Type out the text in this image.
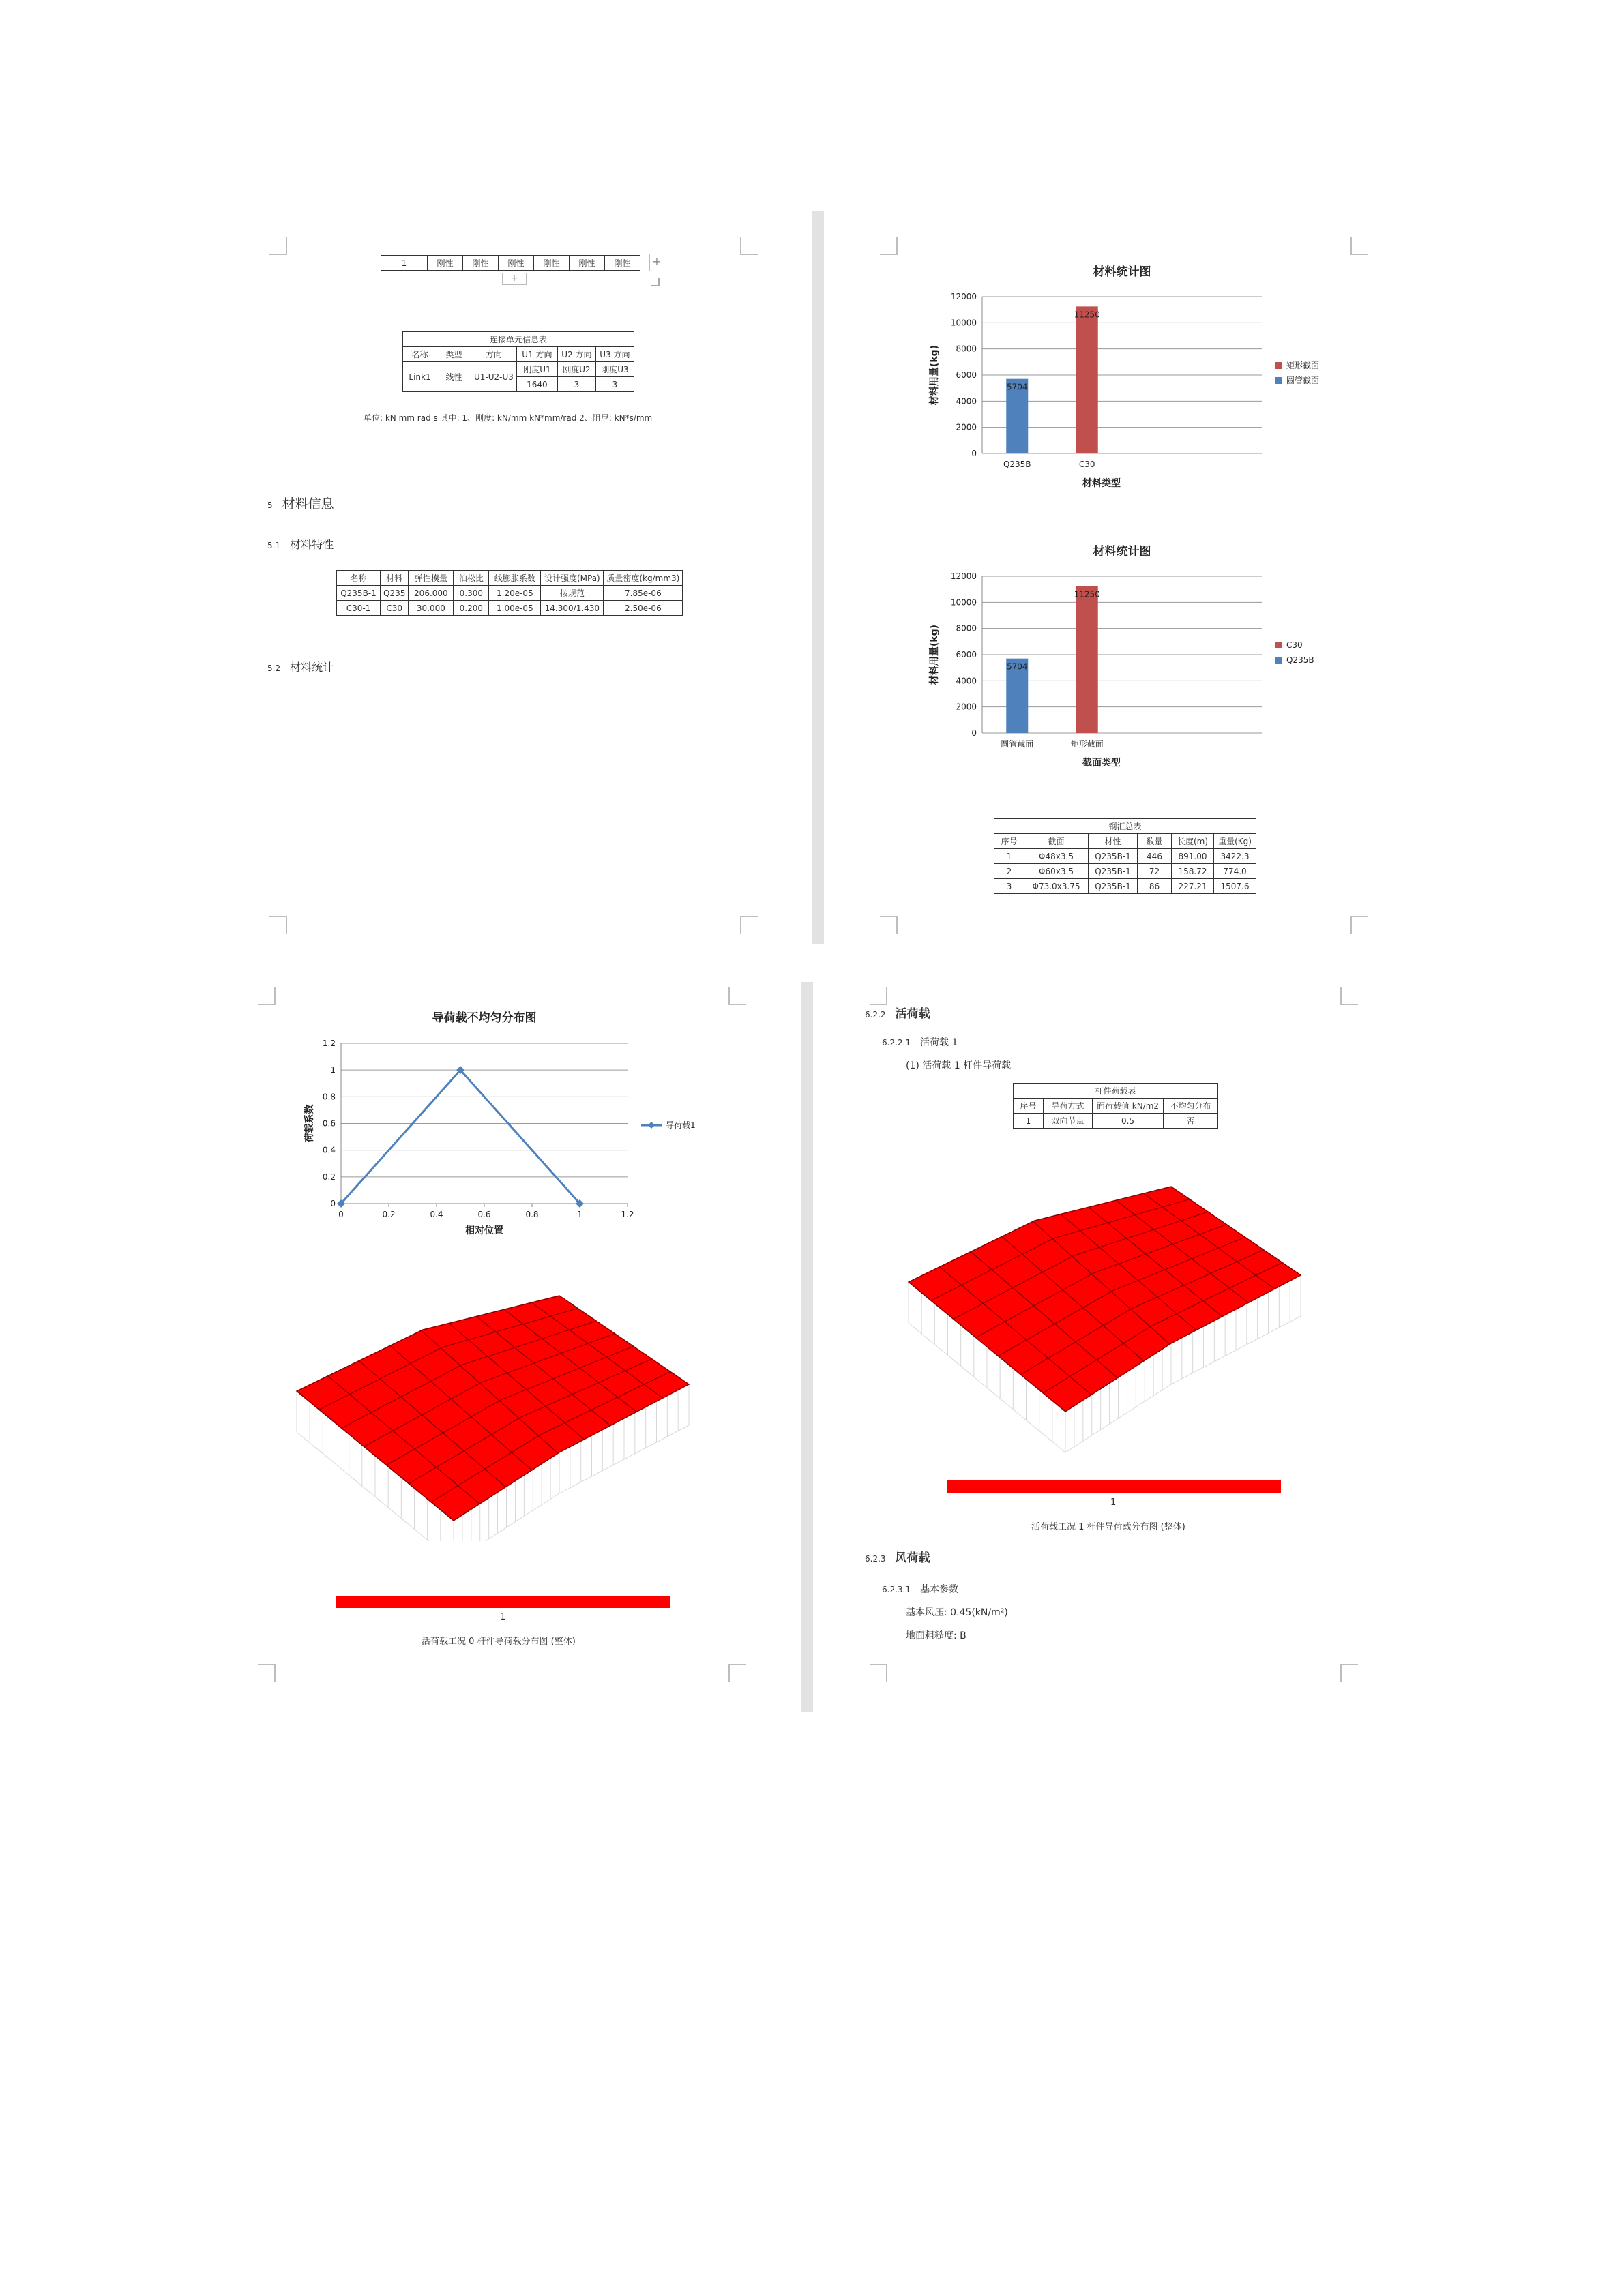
1	刚性	刚性	刚性	刚性	刚性	刚性 +
+
连接单元信息表					
名称	类型	方向	U1 方向	U2 方向	U3 方向
Link1	线性	U1-U2-U3	刚度U1	刚度U2	刚度U3
			1640	3	3
单位: kN mm rad s 其中: 1、刚度: kN/mm kN*mm/rad 2、阻尼: kN*s/mm
5 材料信息
5.1 材料特性
名称	材料	弹性模量	泊松比	线膨胀系数	设计强度(MPa)	质量密度(kg/mm3)
Q235B-1	Q235	206.000	0.300	1.20e-05	按规范	7.85e-06
C30-1	C30	30.000	0.200	1.00e-05	14.300/1.430	2.50e-06
5.2 材料统计
材料统计图
0
2000
4000
6000
8000
10000
12000
Q235B	C30
5704
11250
材料类型
材料用量(kg)	矩形截面
圆管截面
材料统计图
0
2000
4000
6000
8000
10000
12000
圆管截面	矩形截面
5704
11250
截面类型
材料用量(kg)	C30
Q235B
钢汇总表					
序号	截面	材性	数量	长度(m)	重量(Kg)
1	Φ48x3.5	Q235B-1	446	891.00	3422.3
2	Φ60x3.5	Q235B-1	72	158.72	774.0
3	Φ73.0x3.75	Q235B-1	86	227.21	1507.6
导荷载不均匀分布图
0
0.2
0.4
0.6
0.8
1
1.2
0	0.2	0.4	0.6	0.8	1	1.2
导荷载1
相对位置
荷载系数
1
活荷载工况 0 杆件导荷载分布图 (整体)
6.2.2 活荷载
6.2.2.1 活荷载 1
(1) 活荷载 1 杆件导荷载
杆件荷载表			
序号	导荷方式	面荷载值 kN/m2	不均匀分布
1	双向节点	0.5	否
1
活荷载工况 1 杆件导荷载分布图 (整体)
6.2.3 风荷载
6.2.3.1 基本参数
基本风压: 0.45(kN/m²)
地面粗糙度: B
